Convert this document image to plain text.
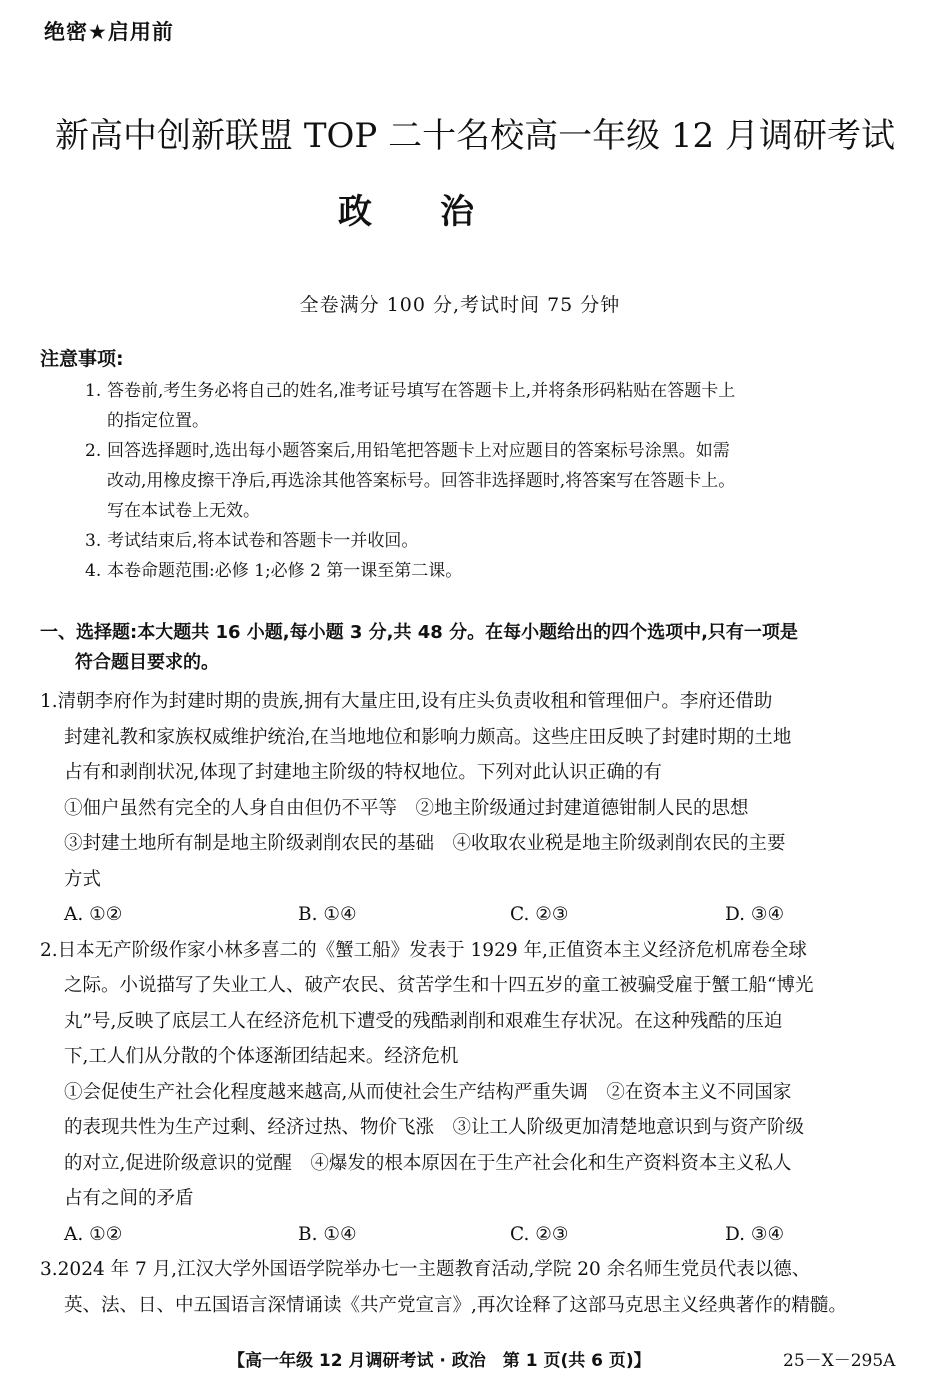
绝密★启用前
新高中创新联盟 TOP 二十名校高一年级 12 月调研考试
政治
全卷满分 100 分,考试时间 75 分钟
注意事项:
1. 答卷前,考生务必将自己的姓名,准考证号填写在答题卡上,并将条形码粘贴在答题卡上
的指定位置。
2. 回答选择题时,选出每小题答案后,用铅笔把答题卡上对应题目的答案标号涂黑。如需
改动,用橡皮擦干净后,再选涂其他答案标号。回答非选择题时,将答案写在答题卡上。
写在本试卷上无效。
3. 考试结束后,将本试卷和答题卡一并收回。
4. 本卷命题范围:必修 1;必修 2 第一课至第二课。
一、选择题:本大题共 16 小题,每小题 3 分,共 48 分。在每小题给出的四个选项中,只有一项是
符合题目要求的。
1.清朝李府作为封建时期的贵族,拥有大量庄田,设有庄头负责收租和管理佃户。李府还借助
封建礼教和家族权威维护统治,在当地地位和影响力颇高。这些庄田反映了封建时期的土地
占有和剥削状况,体现了封建地主阶级的特权地位。下列对此认识正确的有
①佃户虽然有完全的人身自由但仍不平等　②地主阶级通过封建道德钳制人民的思想
③封建土地所有制是地主阶级剥削农民的基础　④收取农业税是地主阶级剥削农民的主要
方式
A. ①②	B. ①④	C. ②③	D. ③④
2.日本无产阶级作家小林多喜二的《蟹工船》发表于 1929 年,正值资本主义经济危机席卷全球
之际。小说描写了失业工人、破产农民、贫苦学生和十四五岁的童工被骗受雇于蟹工船“博光
丸”号,反映了底层工人在经济危机下遭受的残酷剥削和艰难生存状况。在这种残酷的压迫
下,工人们从分散的个体逐渐团结起来。经济危机
①会促使生产社会化程度越来越高,从而使社会生产结构严重失调　②在资本主义不同国家
的表现共性为生产过剩、经济过热、物价飞涨　③让工人阶级更加清楚地意识到与资产阶级
的对立,促进阶级意识的觉醒　④爆发的根本原因在于生产社会化和生产资料资本主义私人
占有之间的矛盾
A. ①②	B. ①④	C. ②③	D. ③④
3.2024 年 7 月,江汉大学外国语学院举办七一主题教育活动,学院 20 余名师生党员代表以德、
英、法、日、中五国语言深情诵读《共产党宣言》,再次诠释了这部马克思主义经典著作的精髓。
【高一年级 12 月调研考试 · 政治　第 1 页(共 6 页)】	25－X－295A
